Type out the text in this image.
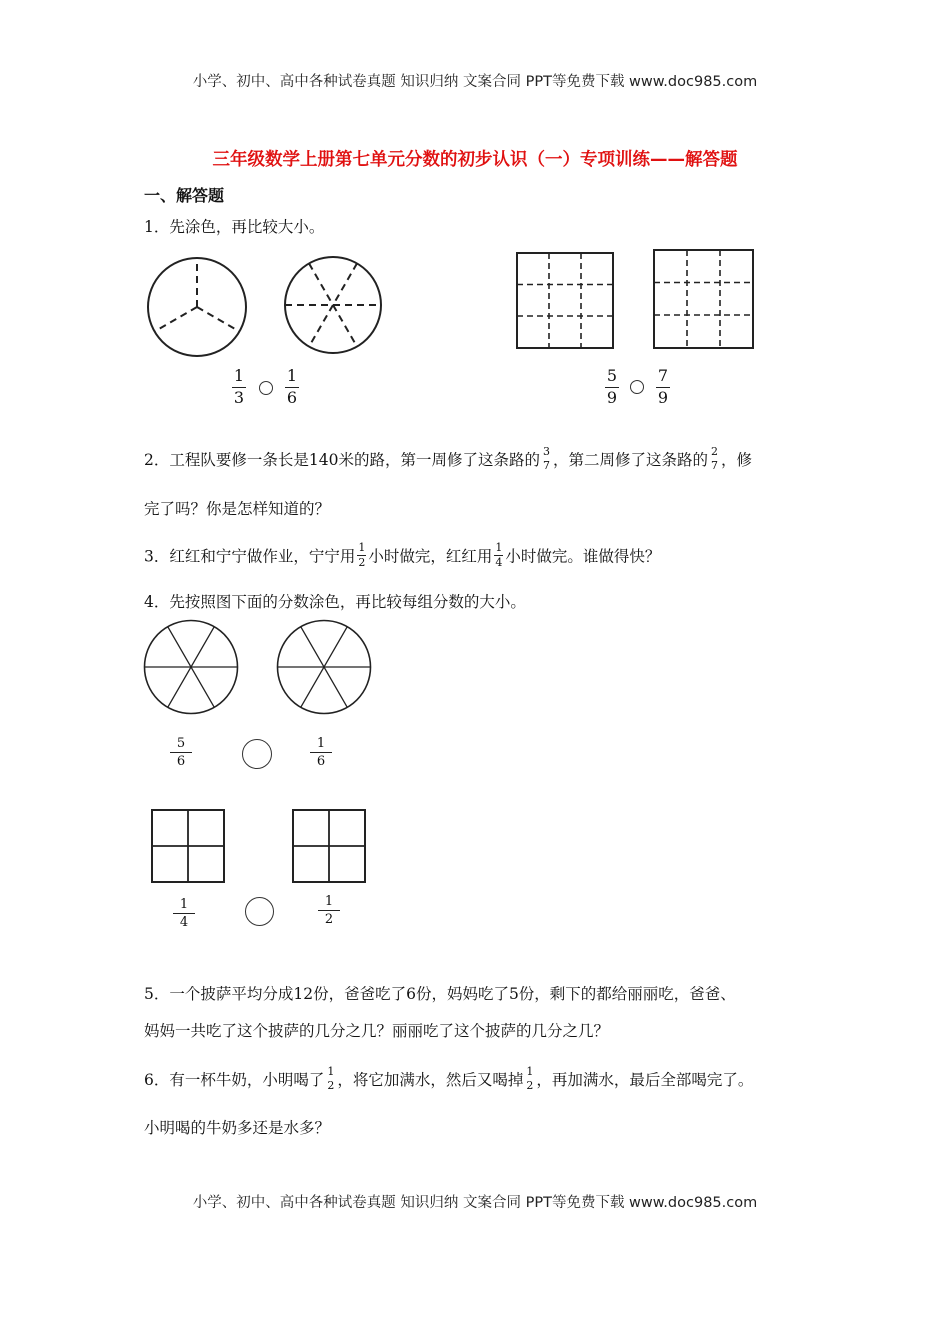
小学、初中、高中各种试卷真题 知识归纳 文案合同 PPT等免费下载 www.doc985.com
三年级数学上册第七单元分数的初步认识（一）专项训练——解答题
一、解答题
1．先涂色，再比较大小。
1
3
1
6
5
9
7
9
2．工程队要修一条长是140米的路，第一周修了这条路的 3
7 ，第二周修了这条路的 2
7 ，修
完了吗？你是怎样知道的？
3．红红和宁宁做作业，宁宁用 $\frac{1}{2}$ 小时做完，红红用 $\frac{1}{4}$ 小时做完。谁做得快？
4．先按照图下面的分数涂色，再比较每组分数的大小。
5
6
1
6
1
4
1
2
5．一个披萨平均分成12份，爸爸吃了6份，妈妈吃了5份，剩下的都给丽丽吃，爸爸、
妈妈一共吃了这个披萨的几分之几？丽丽吃了这个披萨的几分之几？
6．有一杯牛奶，小明喝了 1
2 ，将它加满水，然后又喝掉 1
2 ，再加满水，最后全部喝完了。
小明喝的牛奶多还是水多？
小学、初中、高中各种试卷真题 知识归纳 文案合同 PPT等免费下载 www.doc985.com
